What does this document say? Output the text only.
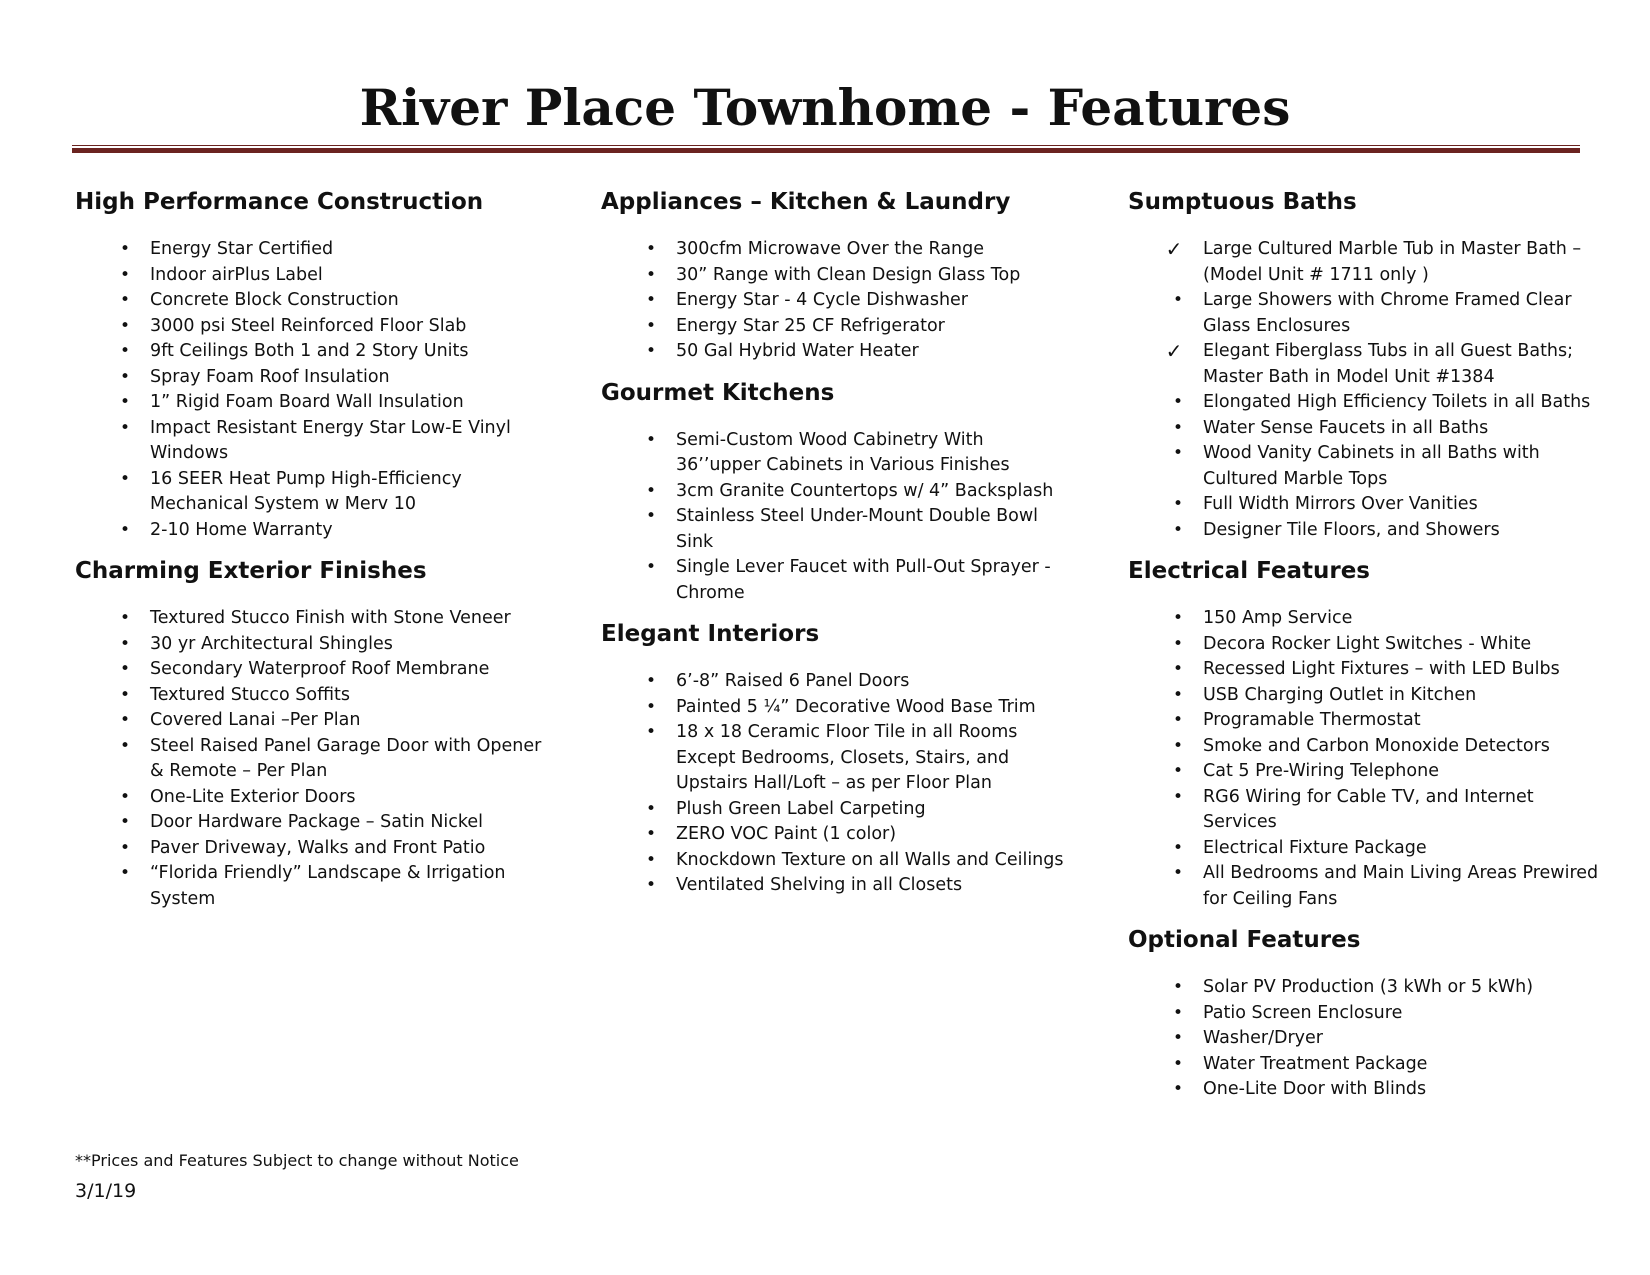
River Place Townhome - Features
High Performance Construction
• Energy Star Certified
• Indoor airPlus Label
• Concrete Block Construction
• 3000 psi Steel Reinforced Floor Slab
• 9ft Ceilings Both 1 and 2 Story Units
• Spray Foam Roof Insulation
• 1” Rigid Foam Board Wall Insulation
• Impact Resistant Energy Star Low-E Vinyl Windows
• 16 SEER Heat Pump High-Efficiency Mechanical System w Merv 10
• 2-10 Home Warranty
Charming Exterior Finishes
• Textured Stucco Finish with Stone Veneer
• 30 yr Architectural Shingles
• Secondary Waterproof Roof Membrane
• Textured Stucco Soffits
• Covered Lanai –Per Plan
• Steel Raised Panel Garage Door with Opener & Remote – Per Plan
• One-Lite Exterior Doors
• Door Hardware Package – Satin Nickel
• Paver Driveway, Walks and Front Patio
• “Florida Friendly” Landscape & Irrigation System
Appliances – Kitchen & Laundry
• 300cfm Microwave Over the Range
• 30” Range with Clean Design Glass Top
• Energy Star - 4 Cycle Dishwasher
• Energy Star 25 CF Refrigerator
• 50 Gal Hybrid Water Heater
Gourmet Kitchens
• Semi-Custom Wood Cabinetry With 36’’upper Cabinets in Various Finishes
• 3cm Granite Countertops w/ 4” Backsplash
• Stainless Steel Under-Mount Double Bowl Sink
• Single Lever Faucet with Pull-Out Sprayer - Chrome
Elegant Interiors
• 6’-8” Raised 6 Panel Doors
• Painted 5 ¼” Decorative Wood Base Trim
• 18 x 18 Ceramic Floor Tile in all Rooms Except Bedrooms, Closets, Stairs, and Upstairs Hall/Loft – as per Floor Plan
• Plush Green Label Carpeting
• ZERO VOC Paint (1 color)
• Knockdown Texture on all Walls and Ceilings
• Ventilated Shelving in all Closets
Sumptuous Baths
✓ Large Cultured Marble Tub in Master Bath – (Model Unit # 1711 only )
• Large Showers with Chrome Framed Clear Glass Enclosures
✓ Elegant Fiberglass Tubs in all Guest Baths; Master Bath in Model Unit #1384
• Elongated High Efficiency Toilets in all Baths
• Water Sense Faucets in all Baths
• Wood Vanity Cabinets in all Baths with Cultured Marble Tops
• Full Width Mirrors Over Vanities
• Designer Tile Floors, and Showers
Electrical Features
• 150 Amp Service
• Decora Rocker Light Switches - White
• Recessed Light Fixtures – with LED Bulbs
• USB Charging Outlet in Kitchen
• Programable Thermostat
• Smoke and Carbon Monoxide Detectors
• Cat 5 Pre-Wiring Telephone
• RG6 Wiring for Cable TV, and Internet Services
• Electrical Fixture Package
• All Bedrooms and Main Living Areas Prewired for Ceiling Fans
Optional Features
• Solar PV Production (3 kWh or 5 kWh)
• Patio Screen Enclosure
• Washer/Dryer
• Water Treatment Package
• One-Lite Door with Blinds
**Prices and Features Subject to change without Notice
3/1/19
